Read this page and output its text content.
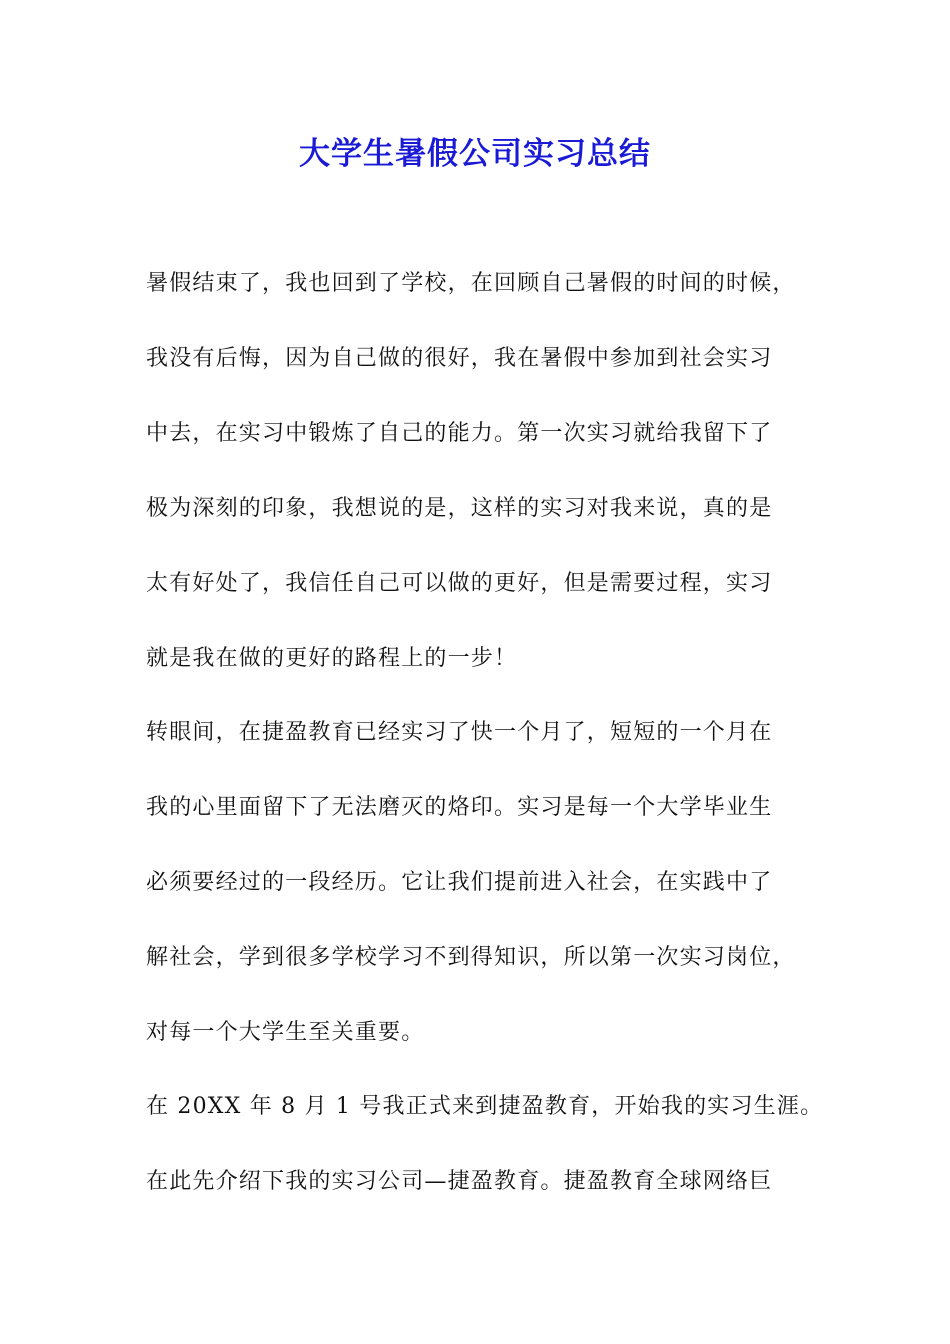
大学生暑假公司实习总结
暑假结束了，我也回到了学校，在回顾自己暑假的时间的时候，
我没有后悔，因为自己做的很好，我在暑假中参加到社会实习
中去，在实习中锻炼了自己的能力。第一次实习就给我留下了
极为深刻的印象，我想说的是，这样的实习对我来说，真的是
太有好处了，我信任自己可以做的更好，但是需要过程，实习
就是我在做的更好的路程上的一步！
转眼间，在捷盈教育已经实习了快一个月了，短短的一个月在
我的心里面留下了无法磨灭的烙印。实习是每一个大学毕业生
必须要经过的一段经历。它让我们提前进入社会，在实践中了
解社会，学到很多学校学习不到得知识，所以第一次实习岗位，
对每一个大学生至关重要。
在 20XX 年 8 月 1 号我正式来到捷盈教育，开始我的实习生涯。
在此先介绍下我的实习公司—捷盈教育。捷盈教育全球网络巨
